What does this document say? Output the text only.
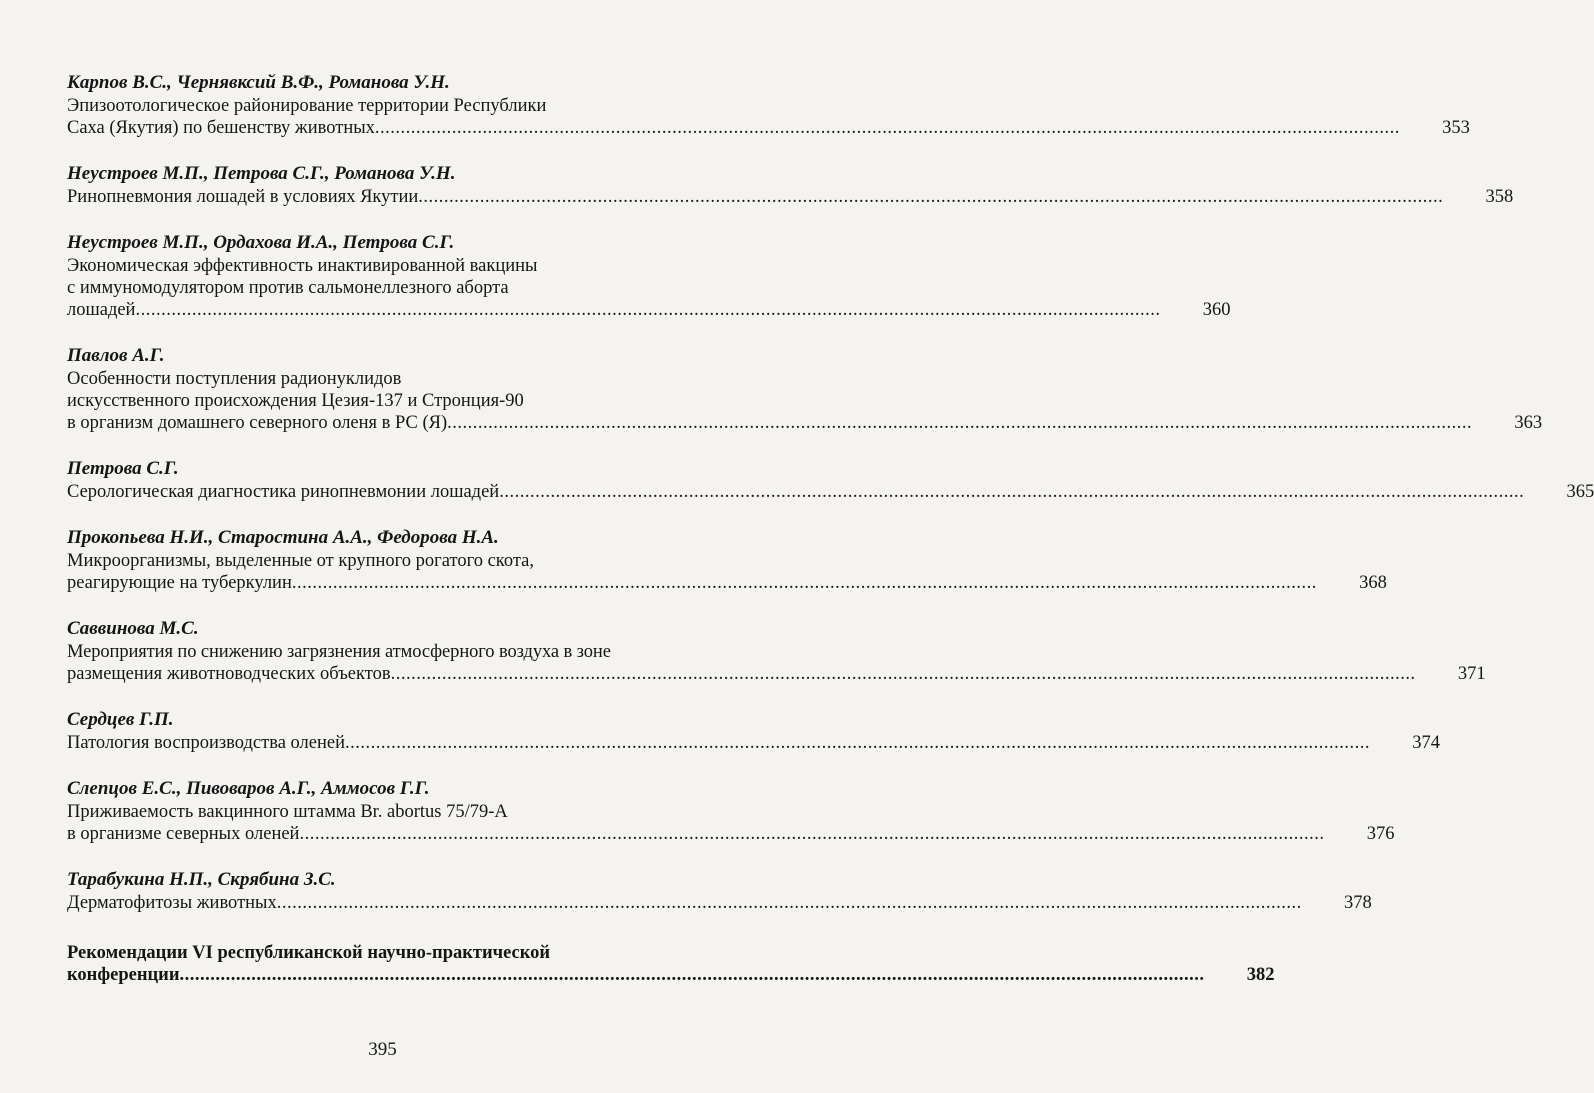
Карпов В.С., Чернявксий В.Ф., Романова У.Н.
Эпизоотологическое районирование территории Республики
Саха (Якутия) по бешенству животных ........................................................................................................................................................................................................	353
Неустроев М.П., Петрова С.Г., Романова У.Н.
Ринопневмония лошадей в условиях Якутии ........................................................................................................................................................................................................	358
Неустроев М.П., Ордахова И.А., Петрова С.Г.
Экономическая эффективность инактивированной вакцины
с иммуномодулятором против сальмонеллезного аборта
лошадей ........................................................................................................................................................................................................	360
Павлов А.Г.
Особенности поступления радионуклидов
искусственного происхождения Цезия-137 и Стронция-90
в организм домашнего северного оленя в РС (Я) ........................................................................................................................................................................................................	363
Петрова С.Г.
Серологическая диагностика ринопневмонии лошадей ........................................................................................................................................................................................................	365
Прокопьева Н.И., Старостина А.А., Федорова Н.А.
Микроорганизмы, выделенные от крупного рогатого скота,
реагирующие на туберкулин ........................................................................................................................................................................................................	368
Саввинова М.С.
Мероприятия по снижению загрязнения атмосферного воздуха в зоне
размещения животноводческих объектов ........................................................................................................................................................................................................	371
Сердцев Г.П.
Патология воспроизводства оленей ........................................................................................................................................................................................................	374
Слепцов Е.С., Пивоваров А.Г., Аммосов Г.Г.
Приживаемость вакцинного штамма Br. abortus 75/79-А
в организме северных оленей ........................................................................................................................................................................................................	376
Тарабукина Н.П., Скрябина З.С.
Дерматофитозы животных ........................................................................................................................................................................................................	378
Рекомендации VI республиканской научно-практической
конференции ........................................................................................................................................................................................................	382
395
